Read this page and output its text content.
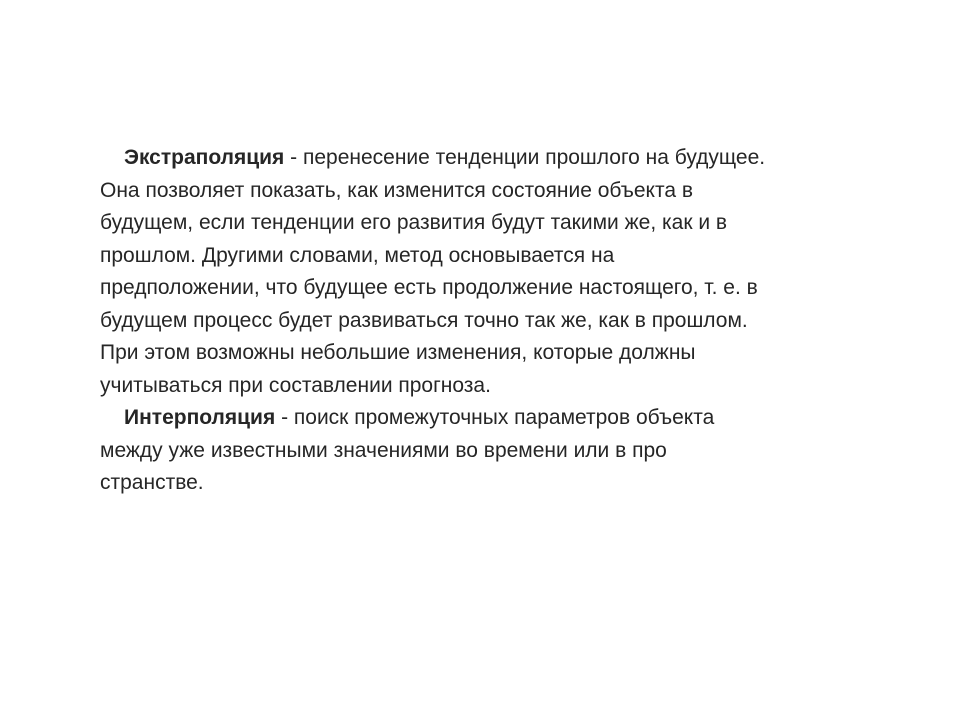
Экстраполяция - перенесение тенденции прошлого на будущее.
Она позволяет показать, как изменится состояние объекта в
будущем, если тенденции его развития будут такими же, как и в
прошлом. Другими словами, метод основывается на
предположении, что будущее есть продолжение настоящего, т. е. в
будущем процесс будет развиваться точно так же, как в прошлом.
При этом возможны небольшие изменения, которые должны
учитываться при составлении прогноза.
Интерполяция - поиск промежуточных параметров объекта
между уже известными значениями во времени или в про
странстве.
